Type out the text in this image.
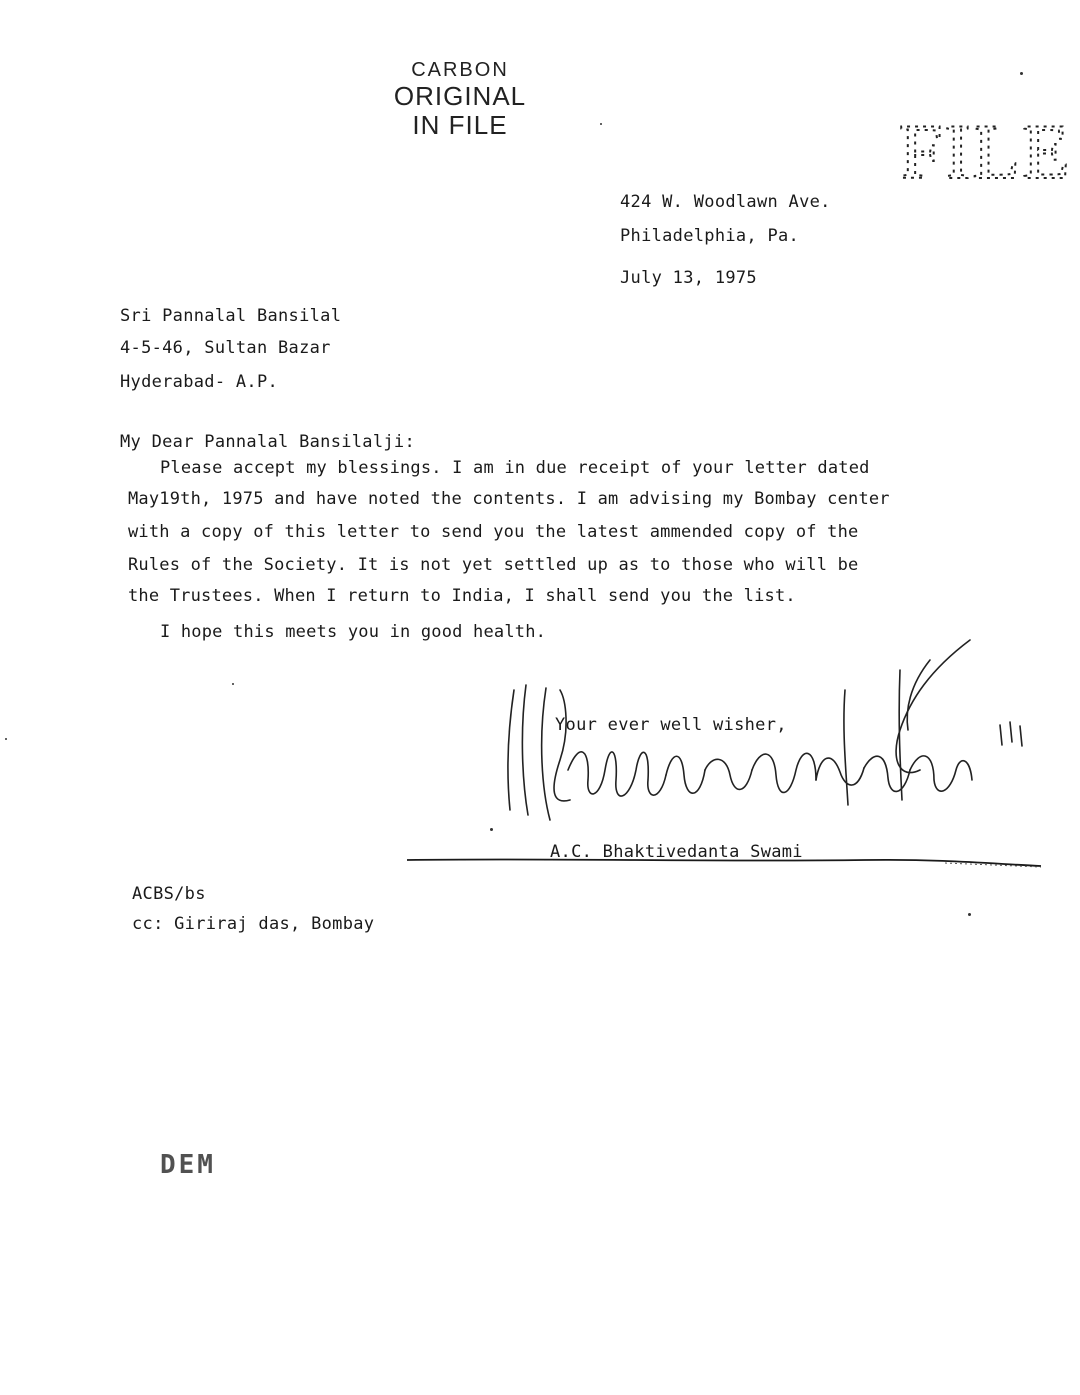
CARBON
ORIGINAL
IN FILE	FILE
424 W. Woodlawn Ave.
Philadelphia, Pa.
July 13, 1975
Sri Pannalal Bansilal
4-5-46, Sultan Bazar
Hyderabad- A.P.
My Dear Pannalal Bansilalji:
Please accept my blessings. I am in due receipt of your letter dated
May19th, 1975 and have noted the contents. I am advising my Bombay center
with a copy of this letter to send you the latest ammended copy of the
Rules of the Society. It is not yet settled up as to those who will be
the Trustees. When I return to India, I shall send you the list.
I hope this meets you in good health.
Your ever well wisher,
A.C. Bhaktivedanta Swami
ACBS/bs
cc: Giriraj das, Bombay
DEM
